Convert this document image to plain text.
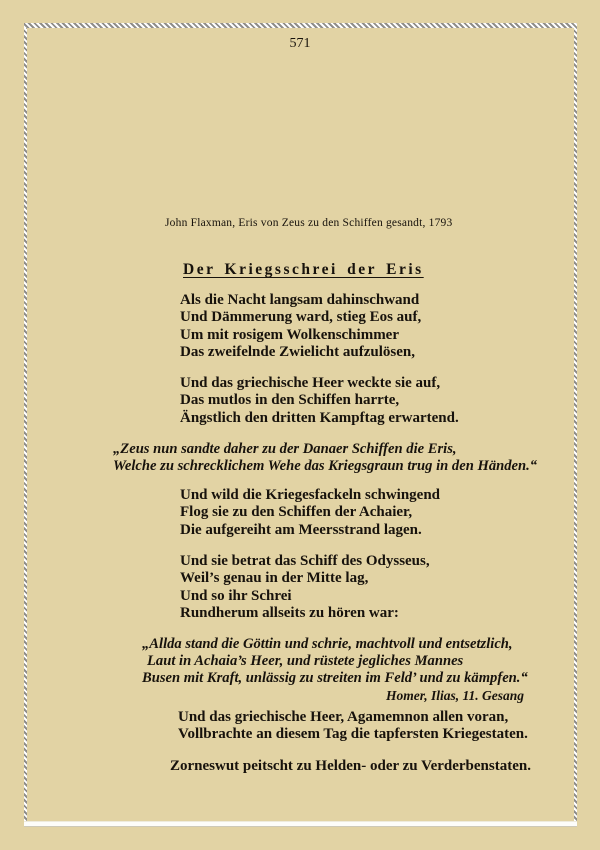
571
John Flaxman, Eris von Zeus zu den Schiffen gesandt, 1793
Der Kriegsschrei der Eris
Als die Nacht langsam dahinschwand
Und Dämmerung ward, stieg Eos auf,
Um mit rosigem Wolkenschimmer
Das zweifelnde Zwielicht aufzulösen,
Und das griechische Heer weckte sie auf,
Das mutlos in den Schiffen harrte,
Ängstlich den dritten Kampftag erwartend.
„Zeus nun sandte daher zu der Danaer Schiffen die Eris,
Welche zu schrecklichem Wehe das Kriegsgraun trug in den Händen.“
Und wild die Kriegesfackeln schwingend
Flog sie zu den Schiffen der Achaier,
Die aufgereiht am Meersstrand lagen.
Und sie betrat das Schiff des Odysseus,
Weil’s genau in der Mitte lag,
Und so ihr Schrei
Rundherum allseits zu hören war:
„Allda stand die Göttin und schrie, machtvoll und entsetzlich,
Laut in Achaia’s Heer, und rüstete jegliches Mannes
Busen mit Kraft, unlässig zu streiten im Feld’ und zu kämpfen.“
Homer, Ilias, 11. Gesang
Und das griechische Heer, Agamemnon allen voran,
Vollbrachte an diesem Tag die tapfersten Kriegestaten.
Zorneswut peitscht zu Helden- oder zu Verderbenstaten.
